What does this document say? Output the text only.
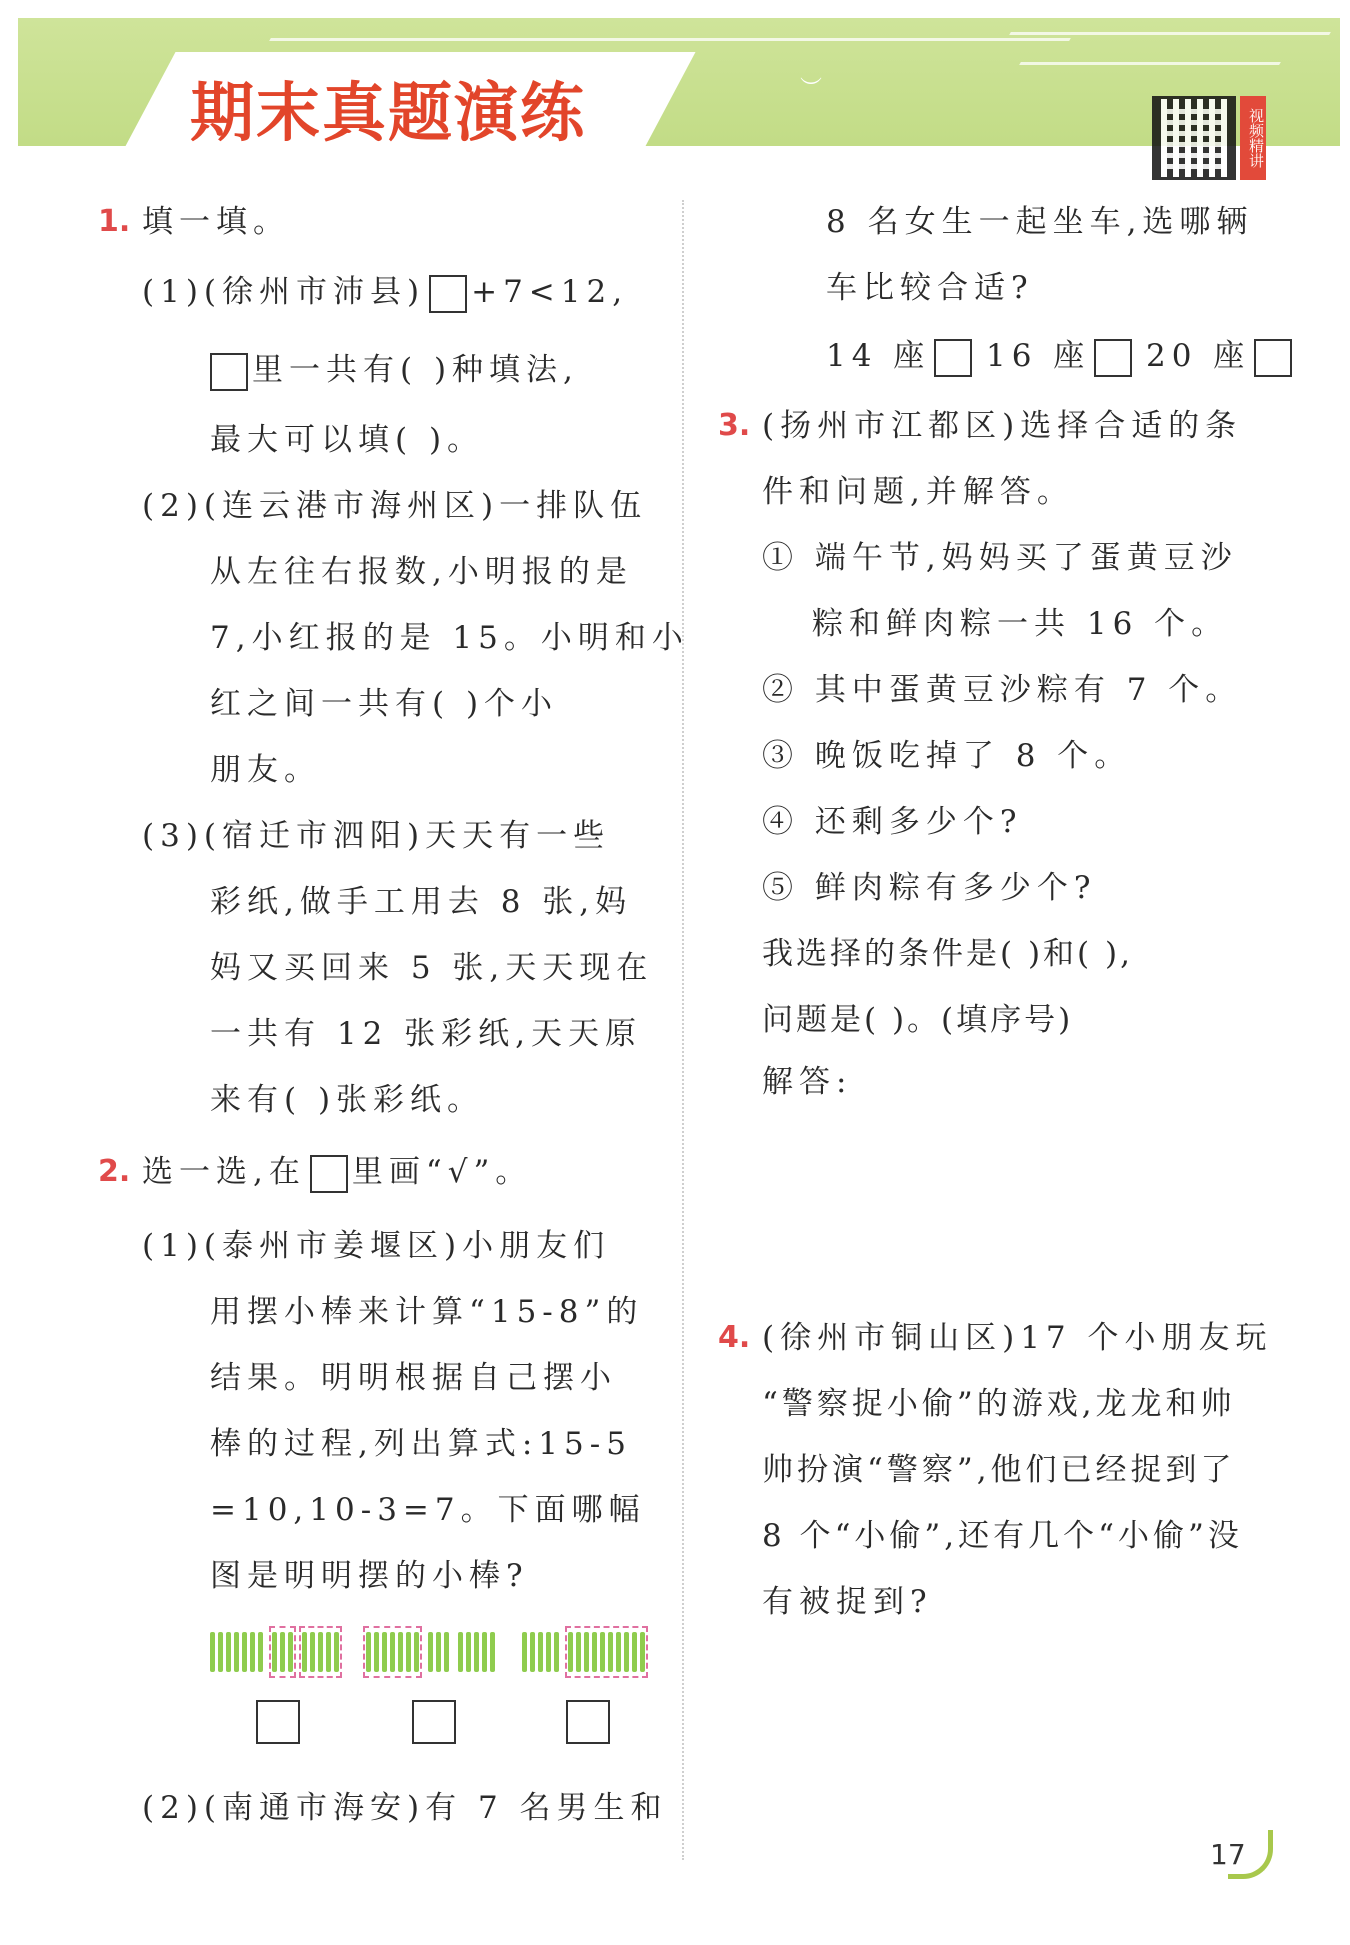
期末真题演练	︶
视频精讲
1. 填一填。
(1)(徐州市沛县) +7<12,
里一共有( )种填法,
最大可以填( )。
(2)(连云港市海州区)一排队伍
从左往右报数,小明报的是
7,小红报的是 15。小明和小
红之间一共有( )个小
朋友。
(3)(宿迁市泗阳)天天有一些
彩纸,做手工用去 8 张,妈
妈又买回来 5 张,天天现在
一共有 12 张彩纸,天天原
来有( )张彩纸。
2. 选一选,在 里画“√”。
(1)(泰州市姜堰区)小朋友们
用摆小棒来计算“15-8”的
结果。明明根据自己摆小
棒的过程,列出算式:15-5
=10,10-3=7。下面哪幅
图是明明摆的小棒?
(2)(南通市海安)有 7 名男生和
8 名女生一起坐车,选哪辆
车比较合适?
14 座	16 座	20 座
3. (扬州市江都区)选择合适的条
件和问题,并解答。
① 端午节,妈妈买了蛋黄豆沙
粽和鲜肉粽一共 16 个。
② 其中蛋黄豆沙粽有 7 个。
③ 晚饭吃掉了 8 个。
④ 还剩多少个?
⑤ 鲜肉粽有多少个?
我选择的条件是( )和( ),
问题是( )。(填序号)
解答:
4. (徐州市铜山区)17 个小朋友玩
“警察捉小偷”的游戏,龙龙和帅
帅扮演“警察”,他们已经捉到了
8 个“小偷”,还有几个“小偷”没
有被捉到?
17
